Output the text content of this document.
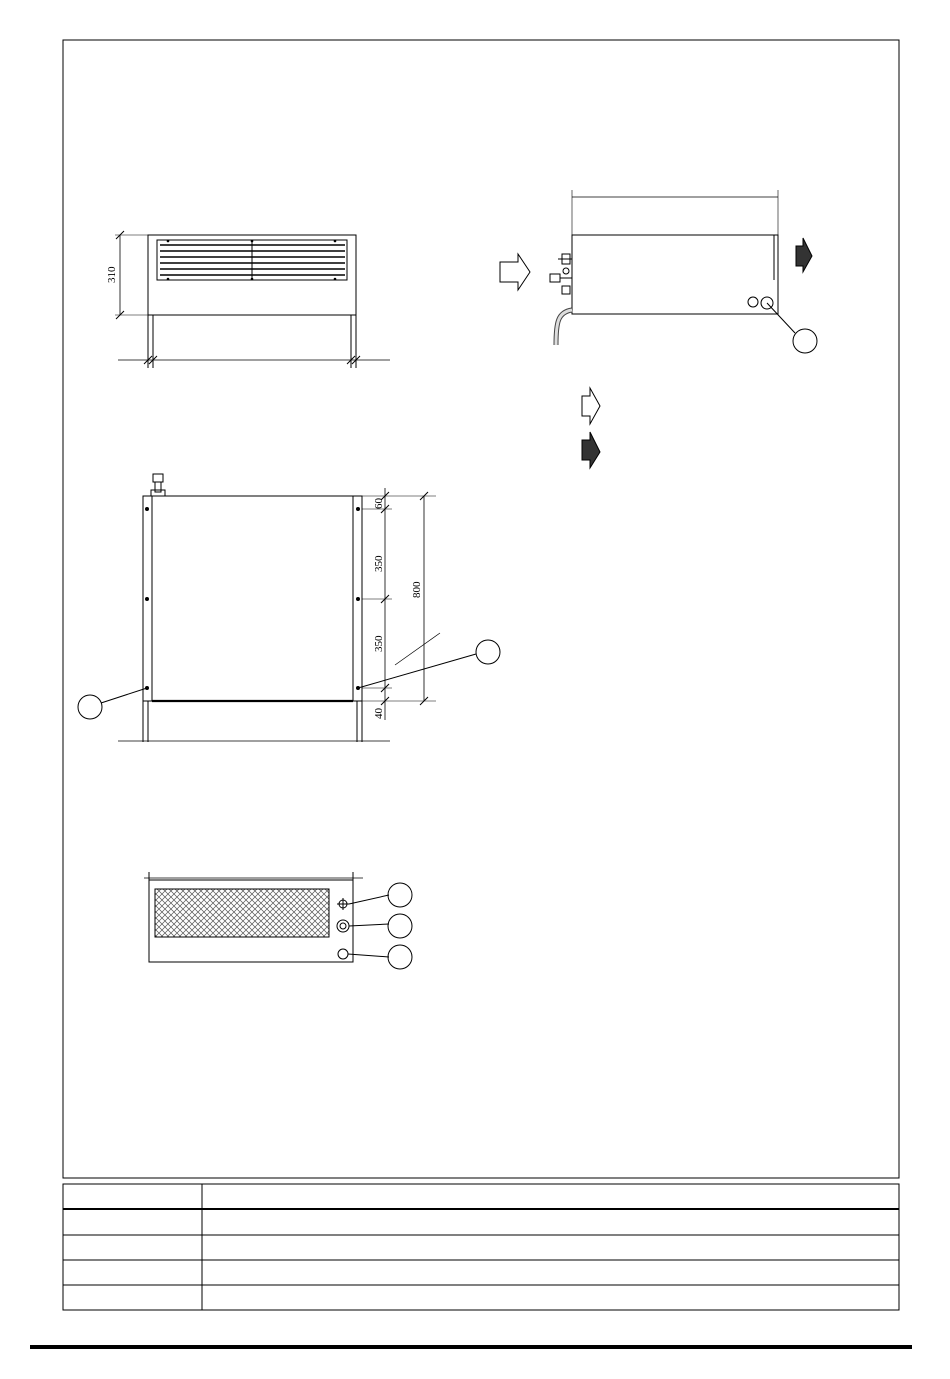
310
60
350
350
40
800
